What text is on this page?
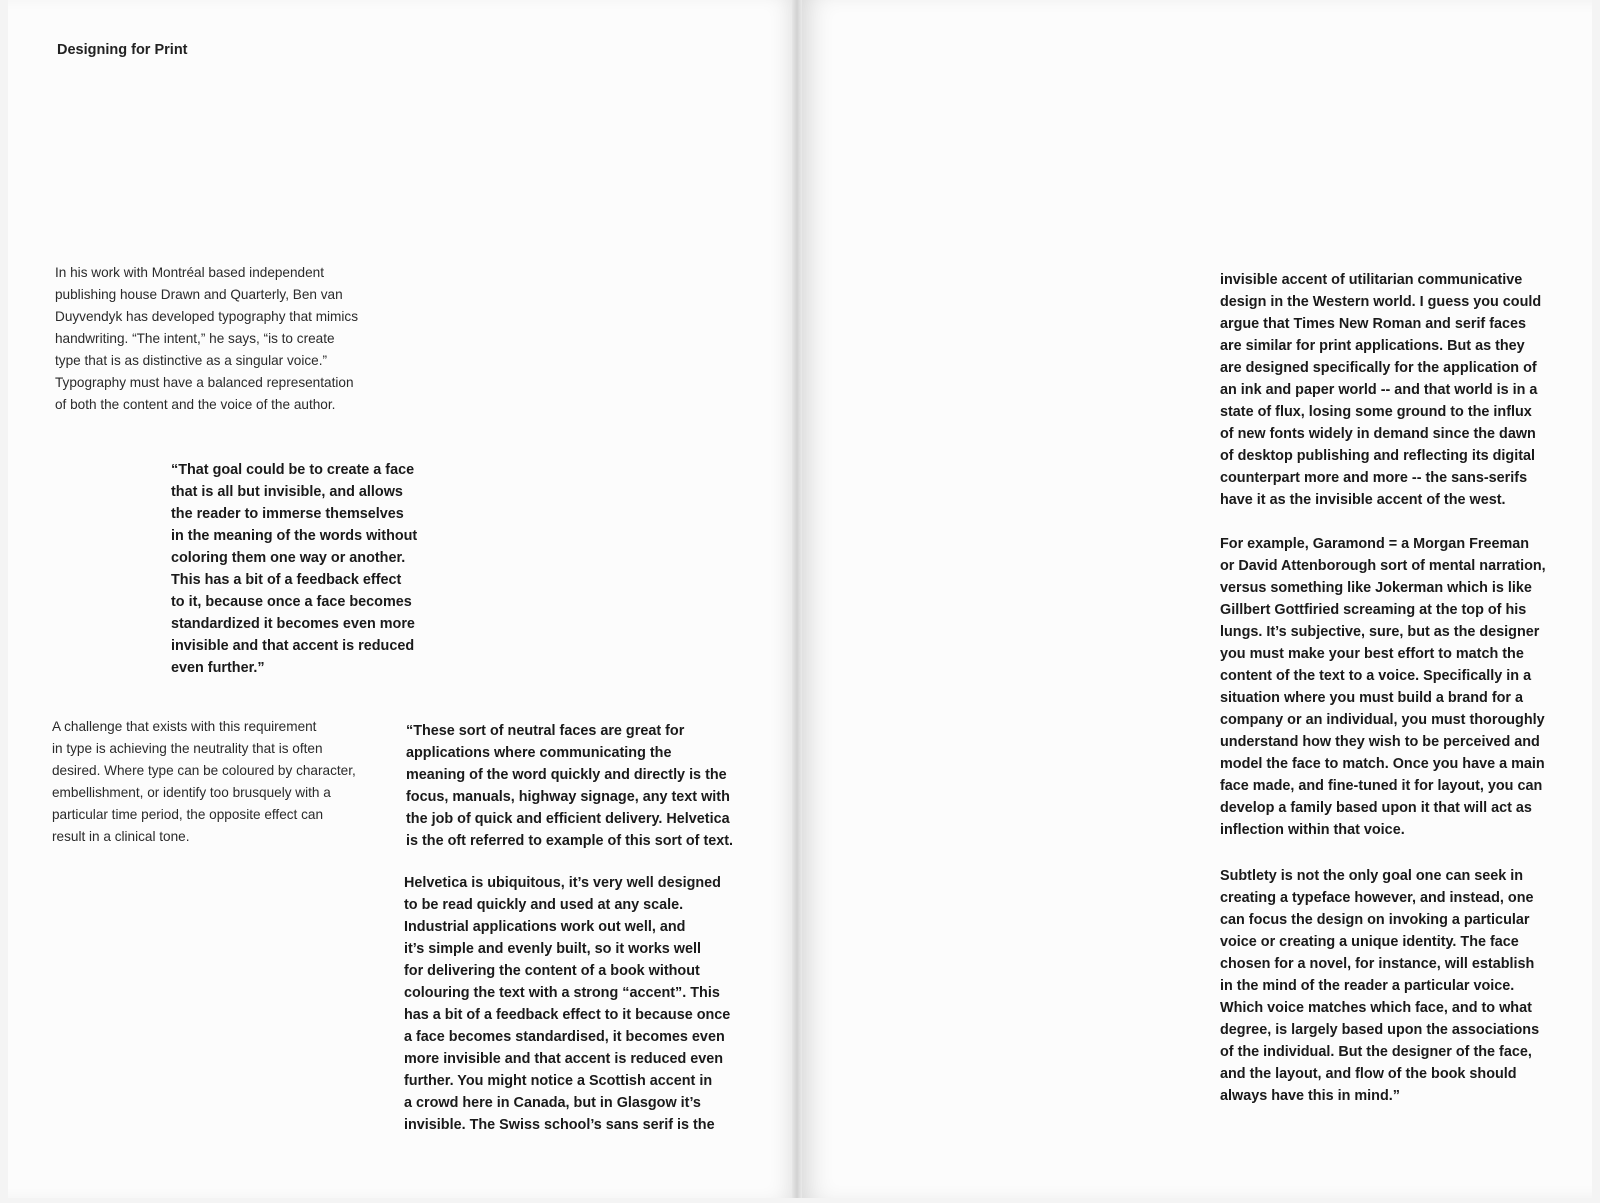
Designing for Print

In his work with Montréal based independent
publishing house Drawn and Quarterly, Ben van
Duyvendyk has developed typography that mimics
handwriting. “The intent,” he says, “is to create
type that is as distinctive as a singular voice.”
Typography must have a balanced representation
of both the content and the voice of the author.

“That goal could be to create a face
that is all but invisible, and allows
the reader to immerse themselves
in the meaning of the words without
coloring them one way or another.
This has a bit of a feedback effect
to it, because once a face becomes
standardized it becomes even more
invisible and that accent is reduced
even further.”

A challenge that exists with this requirement
in type is achieving the neutrality that is often
desired. Where type can be coloured by character,
embellishment, or identify too brusquely with a
particular time period, the opposite effect can
result in a clinical tone.

“These sort of neutral faces are great for
applications where communicating the
meaning of the word quickly and directly is the
focus, manuals, highway signage, any text with
the job of quick and efficient delivery. Helvetica
is the oft referred to example of this sort of text.

Helvetica is ubiquitous, it’s very well designed
to be read quickly and used at any scale.
Industrial applications work out well, and
it’s simple and evenly built, so it works well
for delivering the content of a book without
colouring the text with a strong “accent”. This
has a bit of a feedback effect to it because once
a face becomes standardised, it becomes even
more invisible and that accent is reduced even
further. You might notice a Scottish accent in
a crowd here in Canada, but in Glasgow it’s
invisible. The Swiss school’s sans serif is the

invisible accent of utilitarian communicative
design in the Western world. I guess you could
argue that Times New Roman and serif faces
are similar for print applications. But as they
are designed specifically for the application of
an ink and paper world -- and that world is in a
state of flux, losing some ground to the influx
of new fonts widely in demand since the dawn
of desktop publishing and reflecting its digital
counterpart more and more -- the sans-serifs
have it as the invisible accent of the west.

For example, Garamond = a Morgan Freeman
or David Attenborough sort of mental narration,
versus something like Jokerman which is like
Gillbert Gottfiried screaming at the top of his
lungs. It’s subjective, sure, but as the designer
you must make your best effort to match the
content of the text to a voice. Specifically in a
situation where you must build a brand for a
company or an individual, you must thoroughly
understand how they wish to be perceived and
model the face to match. Once you have a main
face made, and fine-tuned it for layout, you can
develop a family based upon it that will act as
inflection within that voice.

Subtlety is not the only goal one can seek in
creating a typeface however, and instead, one
can focus the design on invoking a particular
voice or creating a unique identity. The face
chosen for a novel, for instance, will establish
in the mind of the reader a particular voice.
Which voice matches which face, and to what
degree, is largely based upon the associations
of the individual. But the designer of the face,
and the layout, and flow of the book should
always have this in mind.”
